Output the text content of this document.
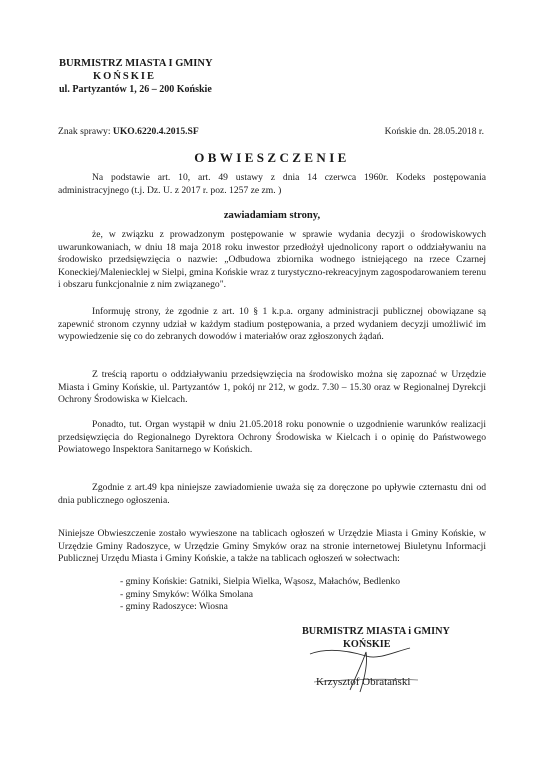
BURMISTRZ MIASTA I GMINY

KOŃSKIE

ul. Partyzantów 1, 26 – 200 Końskie

Znak sprawy: UKO.6220.4.2015.SF	Końskie dn. 28.05.2018 r.

OBWIESZCZENIE

Na podstawie art. 10, art. 49 ustawy z dnia 14 czerwca 1960r. Kodeks postępowania administracyjnego (t.j. Dz. U. z 2017 r. poz. 1257 ze zm. )

zawiadamiam strony,

że, w związku z prowadzonym postępowanie w sprawie wydania decyzji o środowiskowych uwarunkowaniach, w dniu 18 maja 2018 roku inwestor przedłożył ujednolicony raport o oddziaływaniu na środowisko przedsięwzięcia o nazwie: „Odbudowa zbiornika wodnego istniejącego na rzece Czarnej Koneckiej/Maleniecklej w Sielpi, gmina Końskie wraz z turystyczno-rekreacyjnym zagospodarowaniem terenu i obszaru funkcjonalnie z nim związanego".

Informuję strony, że zgodnie z art. 10 § 1 k.p.a. organy administracji publicznej obowiązane są zapewnić stronom czynny udział w każdym stadium postępowania, a przed wydaniem decyzji umożliwić im wypowiedzenie się co do zebranych dowodów i materiałów oraz zgłoszonych żądań.

Z treścią raportu o oddziaływaniu przedsięwzięcia na środowisko można się zapoznać w Urzędzie Miasta i Gminy Końskie, ul. Partyzantów 1, pokój nr 212, w godz. 7.30 – 15.30 oraz w Regionalnej Dyrekcji Ochrony Środowiska w Kielcach.

Ponadto, tut. Organ wystąpił w dniu 21.05.2018 roku ponownie o uzgodnienie warunków realizacji przedsięwzięcia do Regionalnego Dyrektora Ochrony Środowiska w Kielcach i o opinię do Państwowego Powiatowego Inspektora Sanitarnego w Końskich.

Zgodnie z art.49 kpa niniejsze zawiadomienie uważa się za doręczone po upływie czternastu dni od dnia publicznego ogłoszenia.

Niniejsze Obwieszczenie zostało wywieszone na tablicach ogłoszeń w Urzędzie Miasta i Gminy Końskie, w Urzędzie Gminy Radoszyce, w Urzędzie Gminy Smyków oraz na stronie internetowej Biuletynu Informacji Publicznej Urzędu Miasta i Gminy Końskie, a także na tablicach ogłoszeń w sołectwach:

- gminy Końskie: Gatniki, Sielpia Wielka, Wąsosz, Małachów, Bedlenko

- gminy Smyków: Wólka Smolana

- gminy Radoszyce: Wiosna

BURMISTRZ MIASTA i GMINY

KOŃSKIE

Krzysztof Obratański
